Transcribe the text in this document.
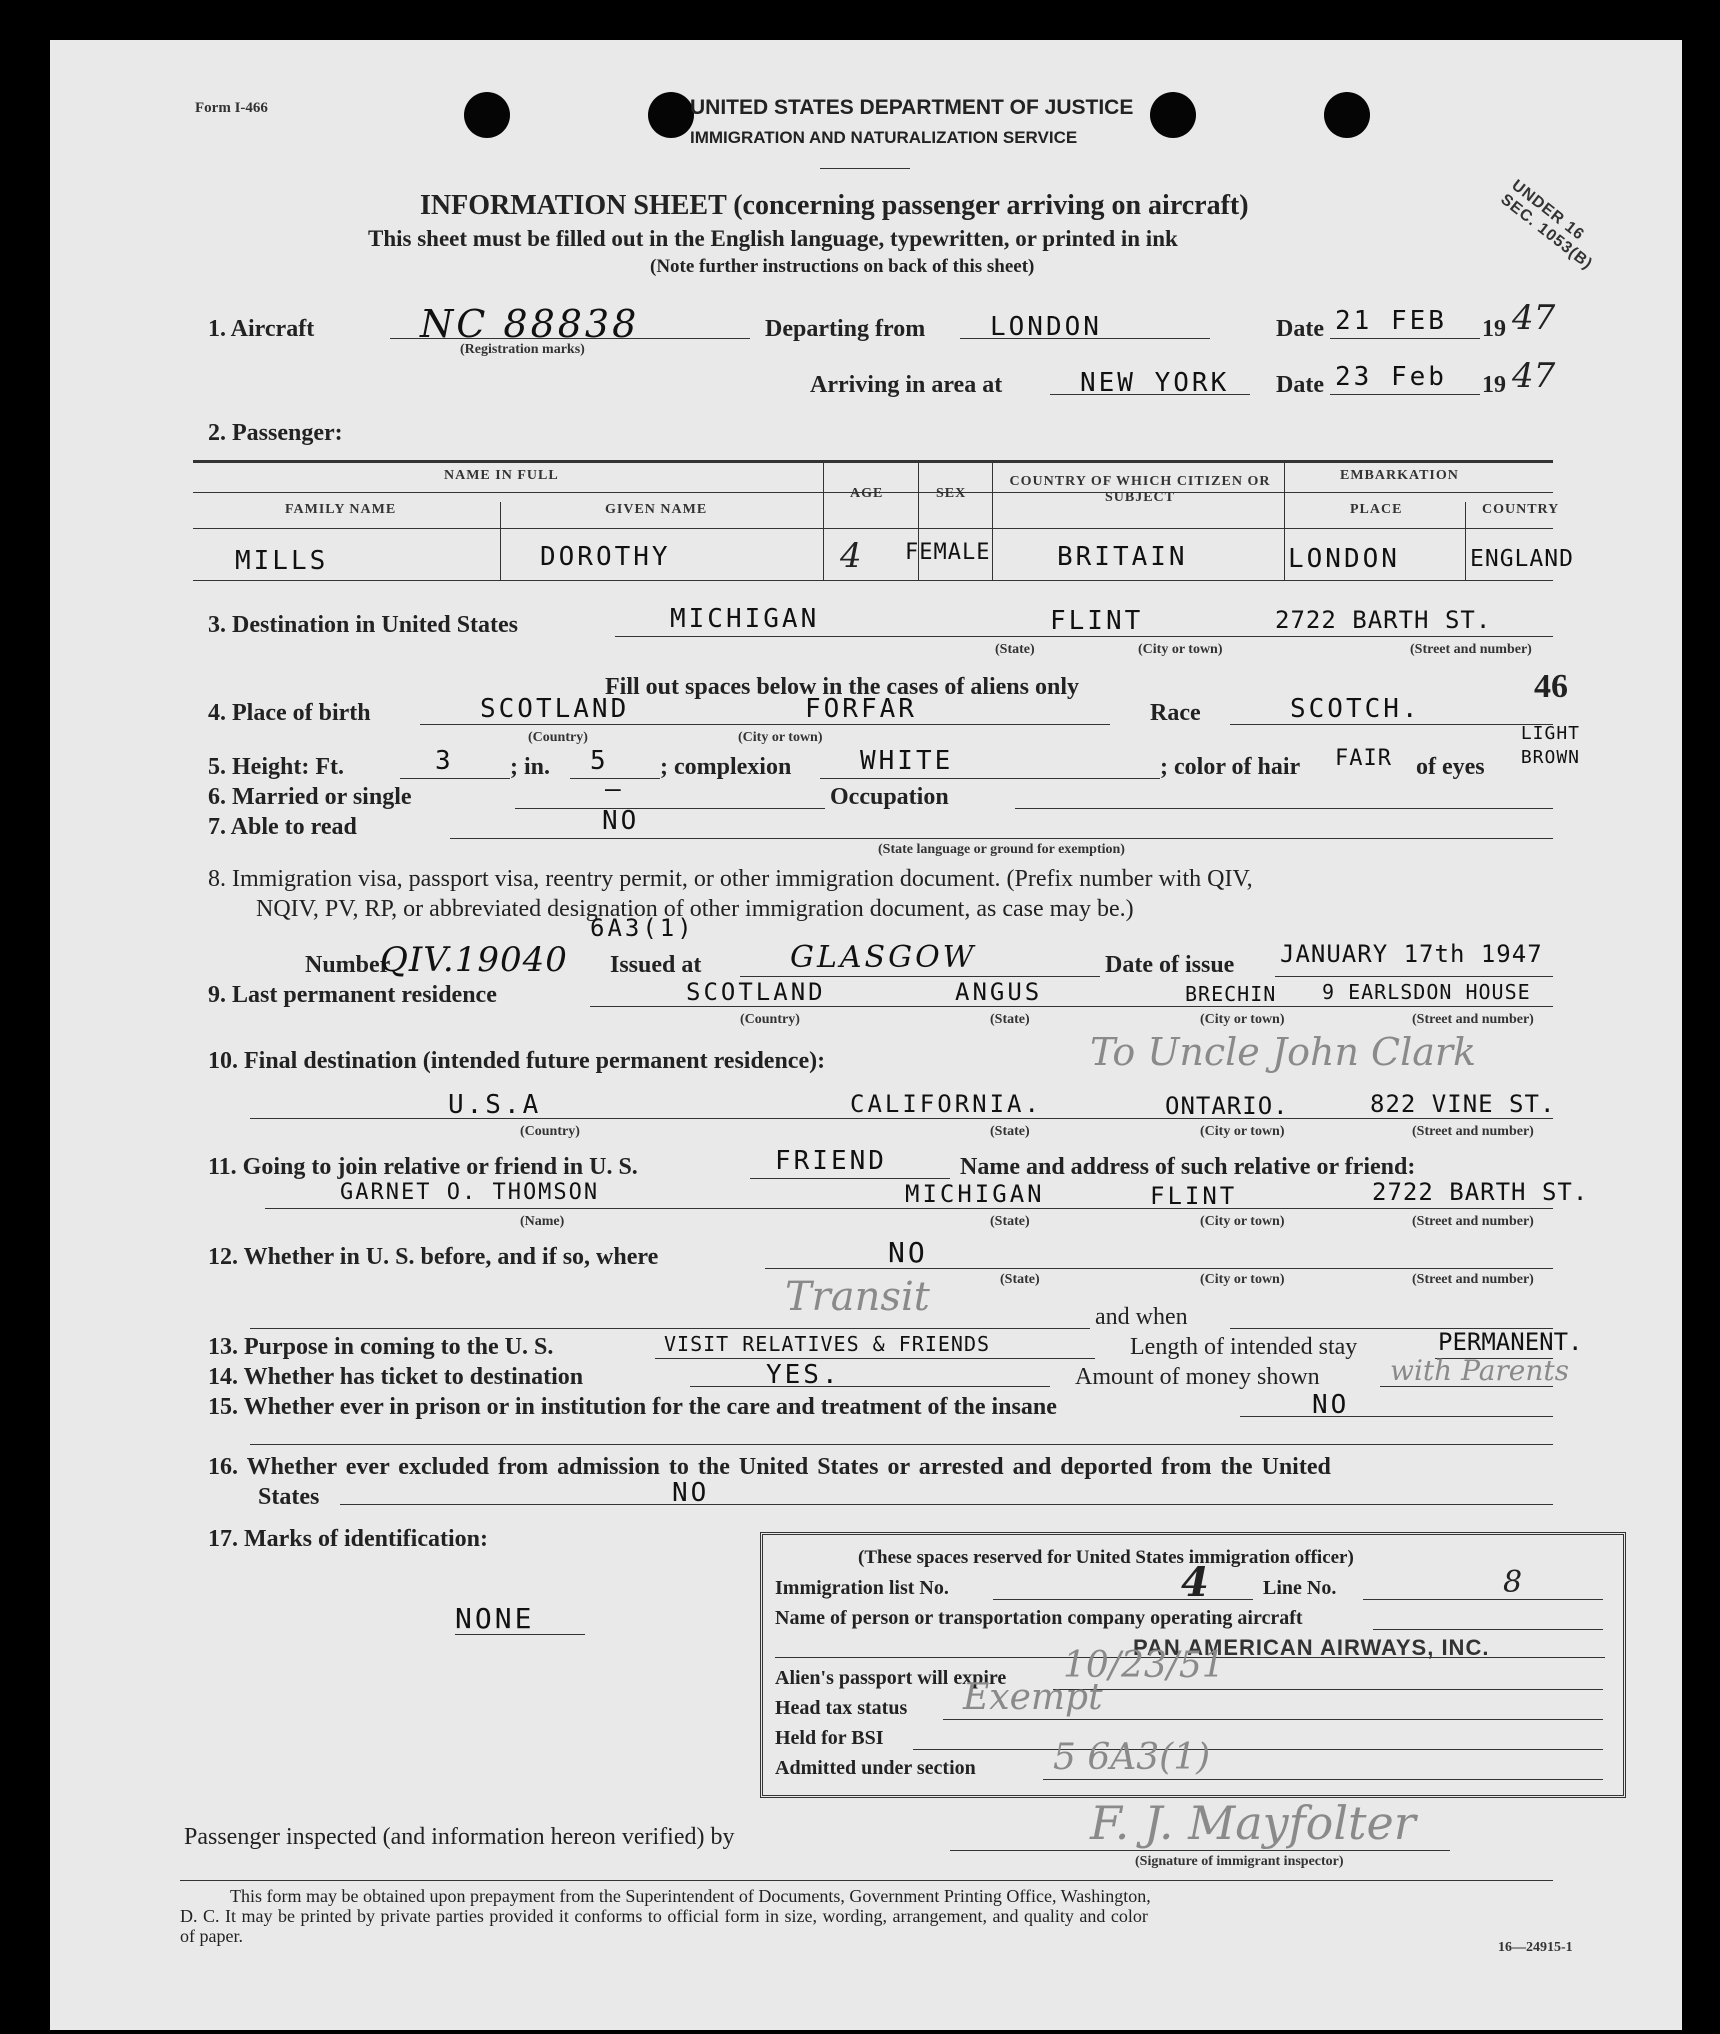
Form I-466	UNITED STATES DEPARTMENT OF JUSTICE
IMMIGRATION AND NATURALIZATION SERVICE
INFORMATION SHEET (concerning passenger arriving on aircraft)
This sheet must be filled out in the English language, typewritten, or printed in ink
(Note further instructions on back of this sheet)
UNDER 16 SEC. 1053(B)
1. Aircraft	NC 88838
(Registration marks)
Departing from LONDON	Date 21 FEB 19 47
Arriving in area at	NEW YORK Date 23 Feb 19 47
2. Passenger:
NAME IN FULL
FAMILY NAME	GIVEN NAME
AGE	SEX
COUNTRY OF WHICH CITIZEN OR SUBJECT
EMBARKATION
PLACE	COUNTRY
MILLS	DOROTHY	4 FEMALE	BRITAIN	LONDON	ENGLAND
3. Destination in United States	MICHIGAN	FLINT	2722 BARTH ST.
(State)	(City or town)	(Street and number)
Fill out spaces below in the cases of aliens only	46
4. Place of birth	SCOTLAND	FORFAR
(Country)	(City or town)
Race	SCOTCH.
5. Height: Ft.	3 ; in. 5 ; complexion	WHITE	; color of hair FAIR of eyes
LIGHT BROWN
6. Married or single	—	Occupation
7. Able to read	NO
(State language or ground for exemption)
8. Immigration visa, passport visa, reentry permit, or other immigration document. (Prefix number with QIV,
NQIV, PV, RP, or abbreviated designation of other immigration document, as case may be.)
Number
QIV.19040
6A3(1)
Issued at	GLASGOW	Date of issue JANUARY 17th 1947
9. Last permanent residence	SCOTLAND	ANGUS	BRECHIN 9 EARLSDON HOUSE
(Country)	(State)	(City or town)	(Street and number)
10. Final destination (intended future permanent residence):	To Uncle John Clark
U.S.A	CALIFORNIA.	ONTARIO.	822 VINE ST.
(Country)	(State)	(City or town)	(Street and number)
11. Going to join relative or friend in U. S.	FRIEND	Name and address of such relative or friend:
GARNET O. THOMSON	MICHIGAN	FLINT	2722 BARTH ST.
(Name)	(State)	(City or town)	(Street and number)
12. Whether in U. S. before, and if so, where	NO
(State)	(City or town)	(Street and number)
Transit	and when
13. Purpose in coming to the U. S.	VISIT RELATIVES & FRIENDS	Length of intended stay	PERMANENT.
14. Whether has ticket to destination	YES.	Amount of money shown	with Parents
15. Whether ever in prison or in institution for the care and treatment of the insane	NO
16. Whether ever excluded from admission to the United States or arrested and deported from the United
States	NO
17. Marks of identification:
NONE
(These spaces reserved for United States immigration officer)
Immigration list No.	4	Line No.	8
Name of person or transportation company operating aircraft
PAN AMERICAN AIRWAYS, INC.
Alien's passport will expire 10/23/51
Head tax status Exempt
Held for BSI
Admitted under section 5 6A3(1)
Passenger inspected (and information hereon verified) by	F. J. Mayfolter
(Signature of immigrant inspector)
This form may be obtained upon prepayment from the Superintendent of Documents, Government Printing Office, Washington,
D. C. It may be printed by private parties provided it conforms to official form in size, wording, arrangement, and quality and color
of paper.
16—24915-1
